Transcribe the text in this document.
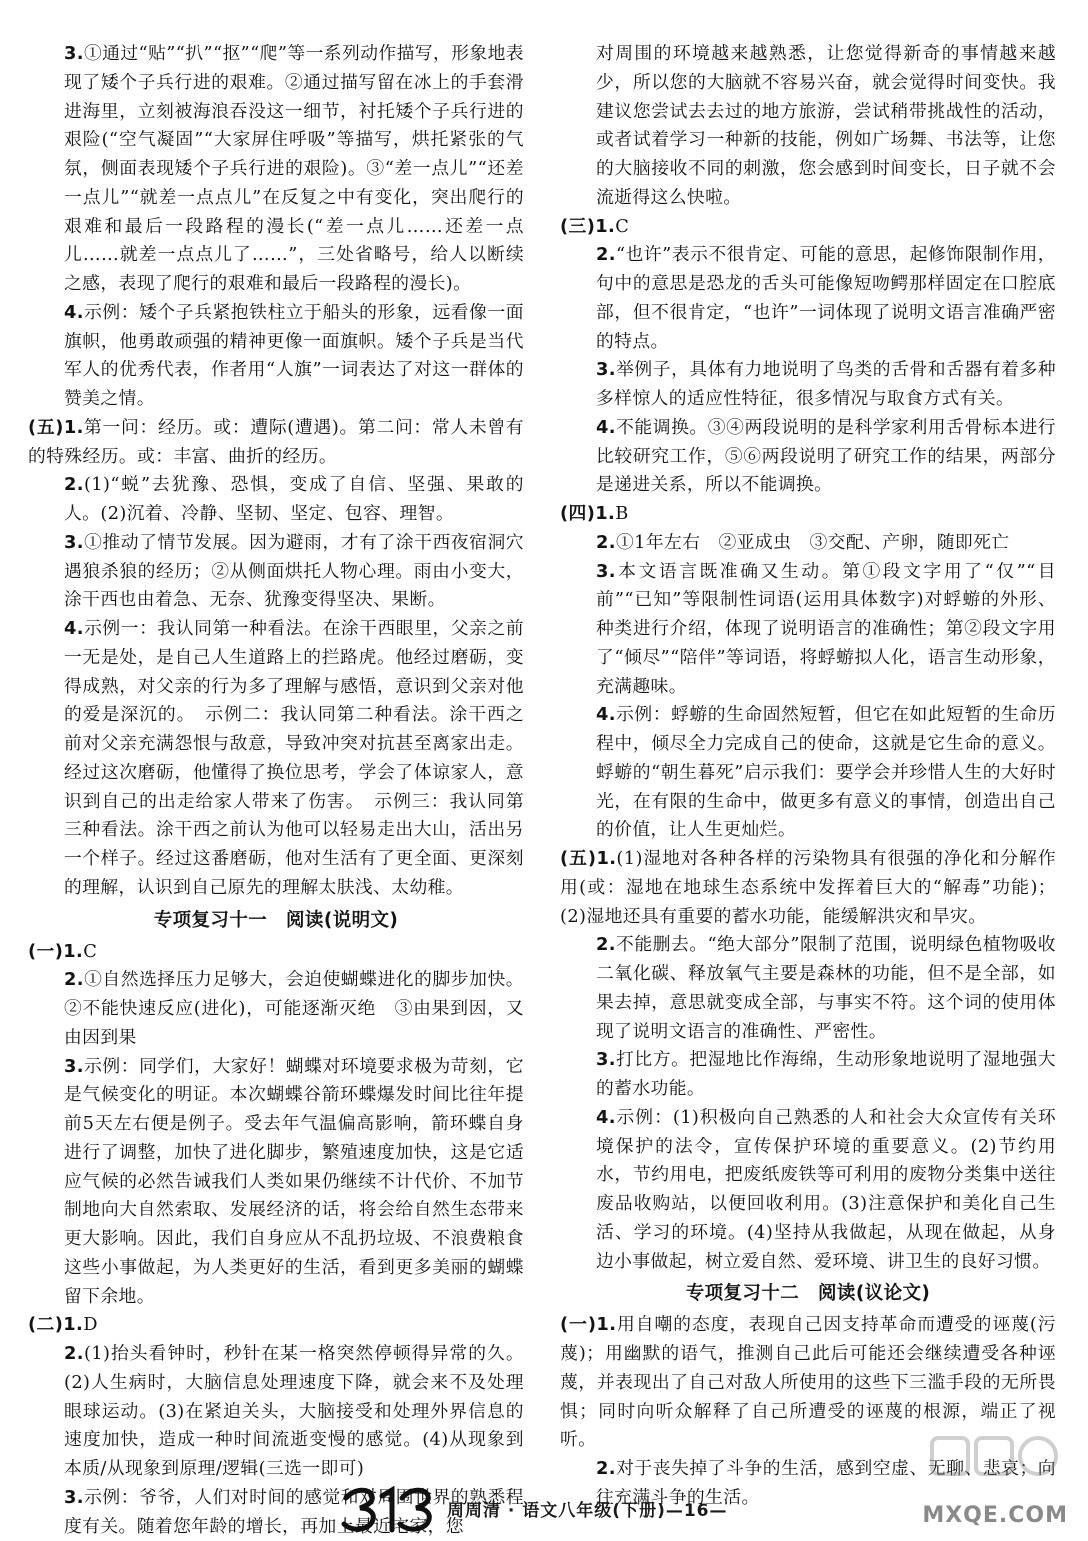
3.①通过“贴”“扒”“抠”“爬”等一系列动作描写，形象地表现了矮个子兵行进的艰难。②通过描写留在冰上的手套滑进海里，立刻被海浪吞没这一细节，衬托矮个子兵行进的艰险(“空气凝固”“大家屏住呼吸”等描写，烘托紧张的气氛，侧面表现矮个子兵行进的艰险)。③“差一点儿”“还差一点儿”“就差一点点儿”在反复之中有变化，突出爬行的艰难和最后一段路程的漫长(“差一点儿……还差一点儿……就差一点点儿了……”，三处省略号，给人以断续之感，表现了爬行的艰难和最后一段路程的漫长)。
4.示例：矮个子兵紧抱铁柱立于船头的形象，远看像一面旗帜，他勇敢顽强的精神更像一面旗帜。矮个子兵是当代军人的优秀代表，作者用“人旗”一词表达了对这一群体的赞美之情。
(五)1.第一问：经历。或：遭际(遭遇)。第二问：常人未曾有的特殊经历。或：丰富、曲折的经历。
2.(1)“蜕”去犹豫、恐惧，变成了自信、坚强、果敢的人。(2)沉着、冷静、坚韧、坚定、包容、理智。
3.①推动了情节发展。因为避雨，才有了涂干西夜宿洞穴遇狼杀狼的经历；②从侧面烘托人物心理。雨由小变大，涂干西也由着急、无奈、犹豫变得坚决、果断。
4.示例一：我认同第一种看法。在涂干西眼里，父亲之前一无是处，是自己人生道路上的拦路虎。他经过磨砺，变得成熟，对父亲的行为多了理解与感悟，意识到父亲对他的爱是深沉的。　示例二：我认同第二种看法。涂干西之前对父亲充满怨恨与敌意，导致冲突对抗甚至离家出走。经过这次磨砺，他懂得了换位思考，学会了体谅家人，意识到自己的出走给家人带来了伤害。　示例三：我认同第三种看法。涂干西之前认为他可以轻易走出大山，活出另一个样子。经过这番磨砺，他对生活有了更全面、更深刻的理解，认识到自己原先的理解太肤浅、太幼稚。
专项复习十一　阅读(说明文)
(一)1.C
2.①自然选择压力足够大，会迫使蝴蝶进化的脚步加快。②不能快速反应(进化)，可能逐渐灭绝　③由果到因，又由因到果
3.示例：同学们，大家好！蝴蝶对环境要求极为苛刻，它是气候变化的明证。本次蝴蝶谷箭环蝶爆发时间比往年提前5天左右便是例子。受去年气温偏高影响，箭环蝶自身进行了调整，加快了进化脚步，繁殖速度加快，这是它适应气候的必然告诫我们人类如果仍继续不计代价、不加节制地向大自然索取、发展经济的话，将会给自然生态带来更大影响。因此，我们自身应从不乱扔垃圾、不浪费粮食这些小事做起，为人类更好的生活，看到更多美丽的蝴蝶留下余地。
(二)1.D
2.(1)抬头看钟时，秒针在某一格突然停顿得异常的久。(2)人生病时，大脑信息处理速度下降，就会来不及处理眼球运动。(3)在紧迫关头，大脑接受和处理外界信息的速度加快，造成一种时间流逝变慢的感觉。(4)从现象到本质/从现象到原理/逻辑(三选一即可)
3.示例：爷爷，人们对时间的感觉和对周围世界的熟悉程度有关。随着您年龄的增长，再加上最近宅家，您
对周围的环境越来越熟悉，让您觉得新奇的事情越来越少，所以您的大脑就不容易兴奋，就会觉得时间变快。我建议您尝试去去过的地方旅游，尝试稍带挑战性的活动，或者试着学习一种新的技能，例如广场舞、书法等，让您的大脑接收不同的刺激，您会感到时间变长，日子就不会流逝得这么快啦。
(三)1.C
2.“也许”表示不很肯定、可能的意思，起修饰限制作用，句中的意思是恐龙的舌头可能像短吻鳄那样固定在口腔底部，但不很肯定，“也许”一词体现了说明文语言准确严密的特点。
3.举例子，具体有力地说明了鸟类的舌骨和舌器有着多种多样惊人的适应性特征，很多情况与取食方式有关。
4.不能调换。③④两段说明的是科学家利用舌骨标本进行比较研究工作，⑤⑥两段说明了研究工作的结果，两部分是递进关系，所以不能调换。
(四)1.B
2.①1年左右　②亚成虫　③交配、产卵，随即死亡
3.本文语言既准确又生动。第①段文字用了“仅”“目前”“已知”等限制性词语(运用具体数字)对蜉蝣的外形、种类进行介绍，体现了说明语言的准确性；第②段文字用了“倾尽”“陪伴”等词语，将蜉蝣拟人化，语言生动形象，充满趣味。
4.示例：蜉蝣的生命固然短暂，但它在如此短暂的生命历程中，倾尽全力完成自己的使命，这就是它生命的意义。蜉蝣的“朝生暮死”启示我们：要学会并珍惜人生的大好时光，在有限的生命中，做更多有意义的事情，创造出自己的价值，让人生更灿烂。
(五)1.(1)湿地对各种各样的污染物具有很强的净化和分解作用(或：湿地在地球生态系统中发挥着巨大的“解毒”功能)；(2)湿地还具有重要的蓄水功能，能缓解洪灾和旱灾。
2.不能删去。“绝大部分”限制了范围，说明绿色植物吸收二氧化碳、释放氧气主要是森林的功能，但不是全部，如果去掉，意思就变成全部，与事实不符。这个词的使用体现了说明文语言的准确性、严密性。
3.打比方。把湿地比作海绵，生动形象地说明了湿地强大的蓄水功能。
4.示例：(1)积极向自己熟悉的人和社会大众宣传有关环境保护的法令，宣传保护环境的重要意义。(2)节约用水，节约用电，把废纸废铁等可利用的废物分类集中送往废品收购站，以便回收利用。(3)注意保护和美化自己生活、学习的环境。(4)坚持从我做起，从现在做起，从身边小事做起，树立爱自然、爱环境、讲卫生的良好习惯。
专项复习十二　阅读(议论文)
(一)1.用自嘲的态度，表现自己因支持革命而遭受的诬蔑(污蔑)；用幽默的语气，推测自己此后可能还会继续遭受各种诬蔑，并表现出了自己对敌人所使用的这些下三滥手段的无所畏惧；同时向听众解释了自己所遭受的诬蔑的根源，端正了视听。
2.对于丧失掉了斗争的生活，感到空虚、无聊、悲哀；向往充满斗争的生活。
周周清 · 语文八年级(下册)—16—	MXQE.COM
